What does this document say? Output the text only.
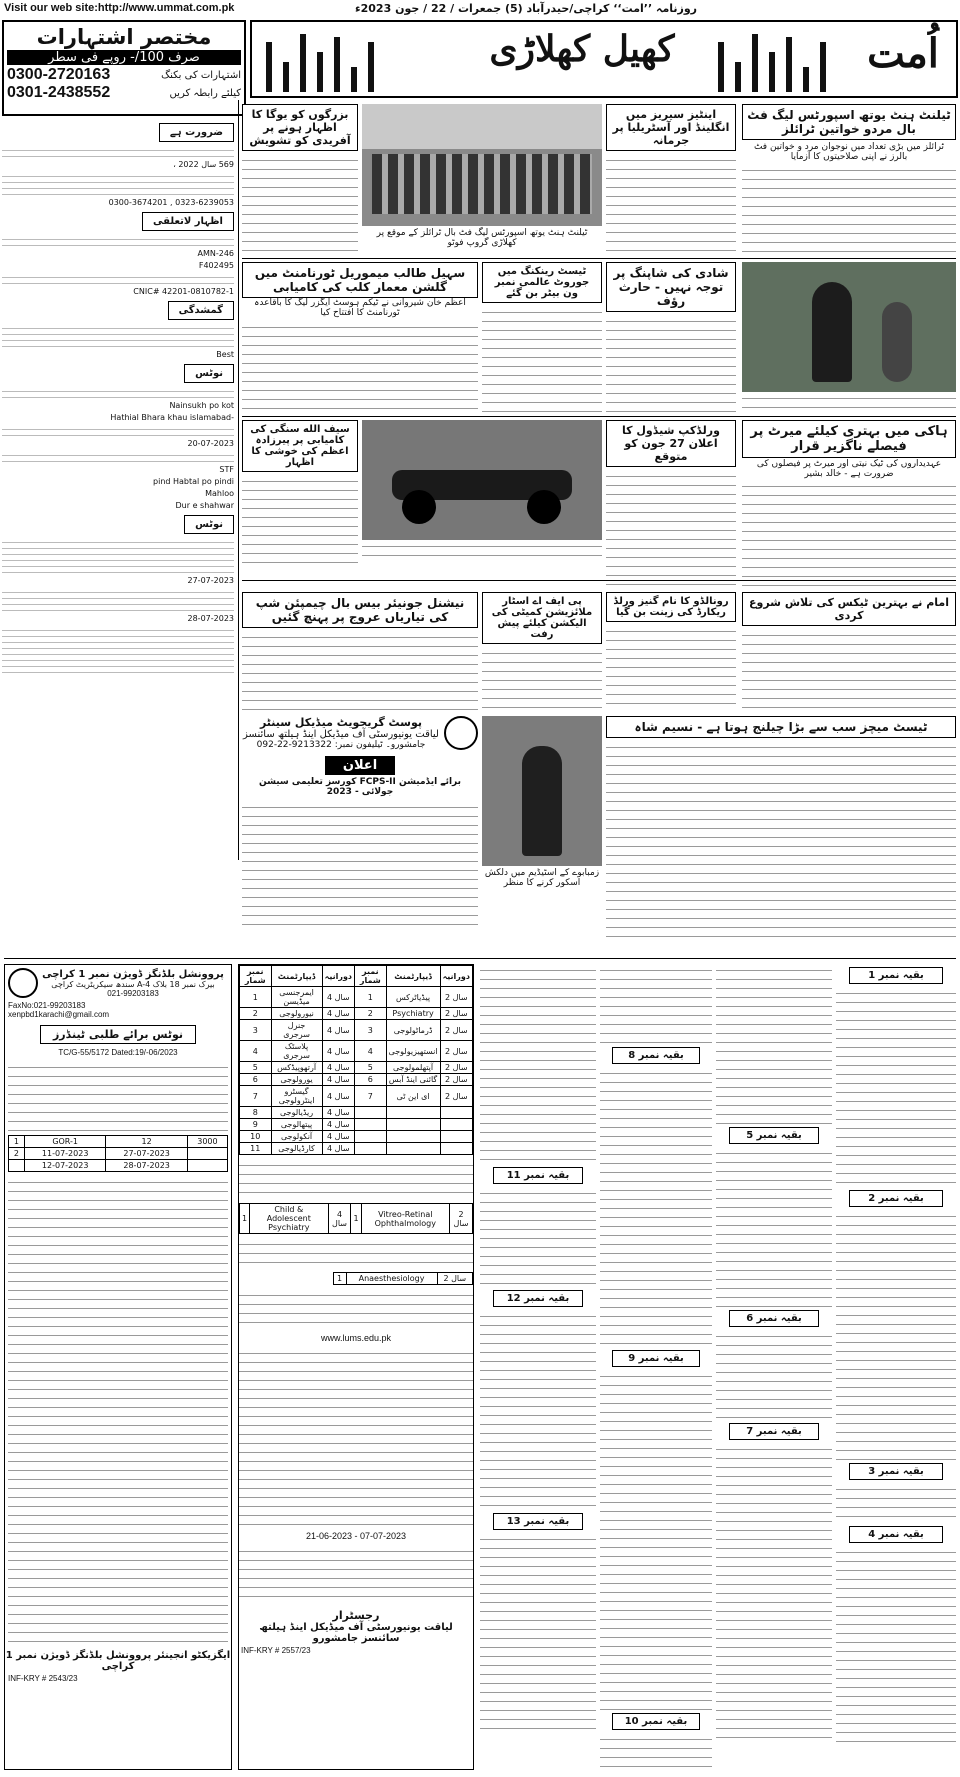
Visit our web site:http://www.ummat.com.pk	روزنامہ ’’امت‘‘ کراچی/حیدرآباد (5) جمعرات / 22 / جون 2023ء
مختصر اشتہارات
صرف 100/- روپے فی سطر
0300-2720163	اشتہارات کی بکنگ
0301-2438552	کیلئے رابطہ کریں
کھیل کھلاڑی	اُمت
ضرورت ہے
569 سال 2022 ،
0323-6239053 , 0300-3674201
اظہار لاتعلقی
AMN-246
F402495
CNIC# 42201-0810782-1
گمشدگی
Best
نوٹس
Nainsukh po kot
-Hathial Bhara khau islamabad
20-07-2023
STF
pind Habtal po pindi
Mahloo
Dur e shahwar
نوٹس
27-07-2023
28-07-2023
ٹیلنٹ ہنٹ یوتھ اسپورٹس لیگ فٹ بال مردو خواتین ٹرائلز
ٹرائلز میں بڑی تعداد میں نوجوان مرد و خواتین فٹ بالرز نے اپنی صلاحیتوں کا آزمایا
اینٹیز سیریز میں انگلینڈ اور آسٹریلیا پر جرمانہ
ٹیلنٹ ہنٹ یوتھ اسپورٹس لیگ فٹ بال ٹرائلز کے موقع پر کھلاڑی گروپ فوٹو
بزرگوں کو یوگا کا اظہار ہونے پر آفریدی کو تشویش
شادی کی شاپنگ پر توجہ نہیں - حارث رؤف
ٹیسٹ رینکنگ میں جوروٹ عالمی نمبر ون بیٹر بن گئے
سہیل طالب میموریل ٹورنامنٹ میں گلشن معمار کلب کی کامیابی
اعظم خان شیروانی نے ٹیکم ہوسٹ ایگزر لیگ کا باقاعدہ ٹورنامنٹ کا افتتاح کیا
ہاکی میں بہتری کیلئے میرٹ پر فیصلے ناگزیر قرار
عہدیداروں کی ٹیک نیتی اور میرٹ پر فیصلوں کی ضرورت ہے - خالد بشیر
ورلڈکپ شیڈول کا اعلان 27 جون کو متوقع
سیف الله سنگی کی کامیابی پر پیرزادہ اعظم کی خوشی کا اظہار
امام نے بہترین ٹیکس کی تلاش شروع کردی
رونالڈو کا نام گنیز ورلڈ ریکارڈ کی زینت بن گیا
پی ایف اے اسٹار ملائزیشن کمیٹی کی الیکشن کیلئے پیش رفت
نیشنل جونیئر بیس بال چیمپئن شپ کی تیاریاں عروج پر پہنچ گئیں
ٹیسٹ میچز سب سے بڑا چیلنج ہوتا ہے - نسیم شاہ
زمبابوے کے اسٹیڈیم میں دلکش اسکور کرنے کا منظر
پوسٹ گریجویٹ میڈیکل سینٹر
لیاقت یونیورسٹی آف میڈیکل اینڈ ہیلتھ سائنسز
جامشورو۔ ٹیلیفون نمبر: 9213322-22-092
اعلان
برائے ایڈمیشن FCPS-II کورسز تعلیمی سیشن جولائی - 2023
پروونشل بلڈنگز ڈویژن نمبر 1 کراچی
بیرک نمبر 18 بلاک A-4 سندھ سیکریٹریٹ کراچی
021-99203183
FaxNo:021-99203183
xenpbd1karachi@gmail.com
نوٹس برائے طلبی ٹینڈرز
TC/G-55/5172 Dated:19/-06/2023
1	GOR-1	12	3000
2	11-07-2023	27-07-2023	
	12-07-2023	28-07-2023	
ایگزیکٹو انجینئر پروونشل بلڈنگز ڈویژن نمبر 1 کراچی
INF-KRY # 2543/23
نمبر شمار	ڈیپارٹمنٹ	دورانیہ	نمبر شمار	ڈیپارٹمنٹ	دورانیہ
1	ایمرجنسی میڈیسن	4 سال	1	پیڈیاٹرکس	2 سال
2	نیورولوجی	4 سال	2	Psychiatry	2 سال
3	جنرل سرجری	4 سال	3	ڈرماٹولوجی	2 سال
4	پلاسٹک سرجری	4 سال	4	انستھیزیولوجی	2 سال
5	آرتھوپیڈکس	4 سال	5	آپتھلمولوجی	2 سال
6	یورولوجی	4 سال	6	گائنی اینڈ آبس	2 سال
7	گیسٹرو اینٹرولوجی	4 سال	7	ای این ٹی	2 سال
8	ریڈیالوجی	4 سال			
9	پیتھالوجی	4 سال			
10	آنکولوجی	4 سال			
11	کارڈیالوجی	4 سال			
1	Child & Adolescent Psychiatry	4 سال	1	Vitreo-Retinal Ophthalmology	2 سال
1	Anaesthesiology	2 سال
www.lums.edu.pk
21-06-2023 - 07-07-2023
رجسٹرار
لیاقت یونیورسٹی آف میڈیکل اینڈ ہیلتھ سائنسز جامشورو
INF-KRY # 2557/23
بقیہ نمبر 1
بقیہ نمبر 2
بقیہ نمبر 3
بقیہ نمبر 4
بقیہ نمبر 5
بقیہ نمبر 6
بقیہ نمبر 7
بقیہ نمبر 8
بقیہ نمبر 9
بقیہ نمبر 10
بقیہ نمبر 11
بقیہ نمبر 12
بقیہ نمبر 13
